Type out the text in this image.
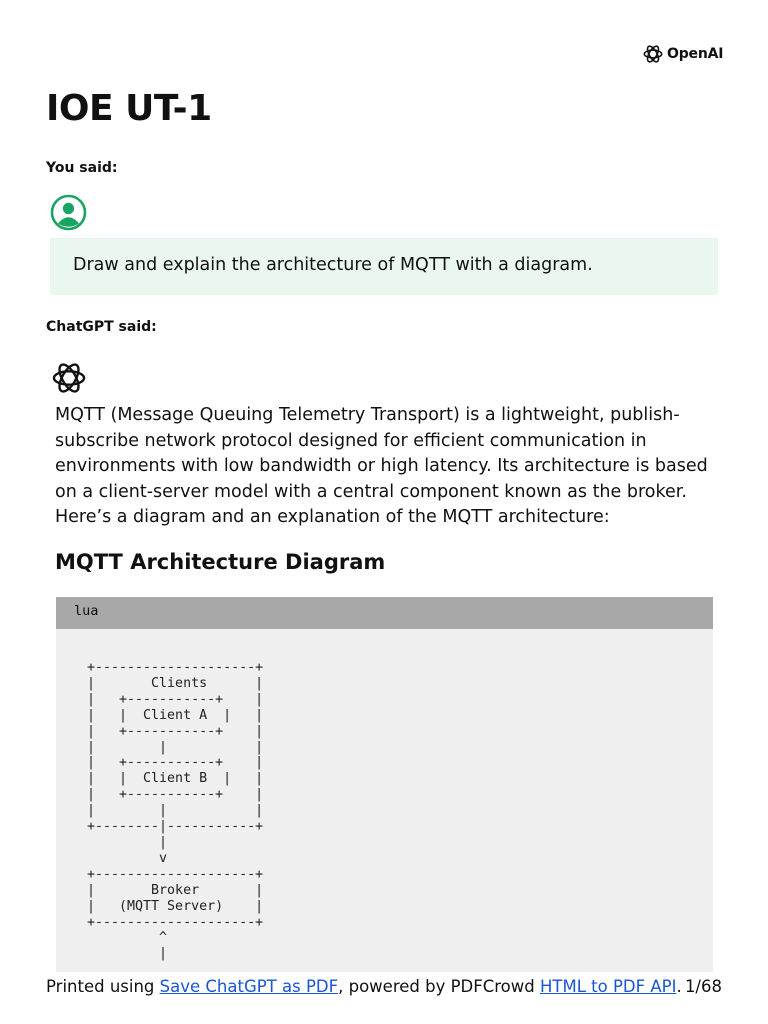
OpenAI
IOE UT-1
You said:
Draw and explain the architecture of MQTT with a diagram.
ChatGPT said:

MQTT (Message Queuing Telemetry Transport) is a lightweight, publish-subscribe network protocol designed for efficient communication in environments with low bandwidth or high latency. Its architecture is based on a client-server model with a central component known as the broker. Here’s a diagram and an explanation of the MQTT architecture:

MQTT Architecture Diagram
lua
+--------------------+
|       Clients      |
|   +-----------+    |
|   |  Client A  |   |
|   +-----------+    |
|        |           |
|   +-----------+    |
|   |  Client B  |   |
|   +-----------+    |
|        |           |
+--------|-----------+
|
v
+--------------------+
|       Broker       |
|   (MQTT Server)    |
+--------------------+
^
|
Printed using Save ChatGPT as PDF, powered by PDFCrowd HTML to PDF API. 1/68
